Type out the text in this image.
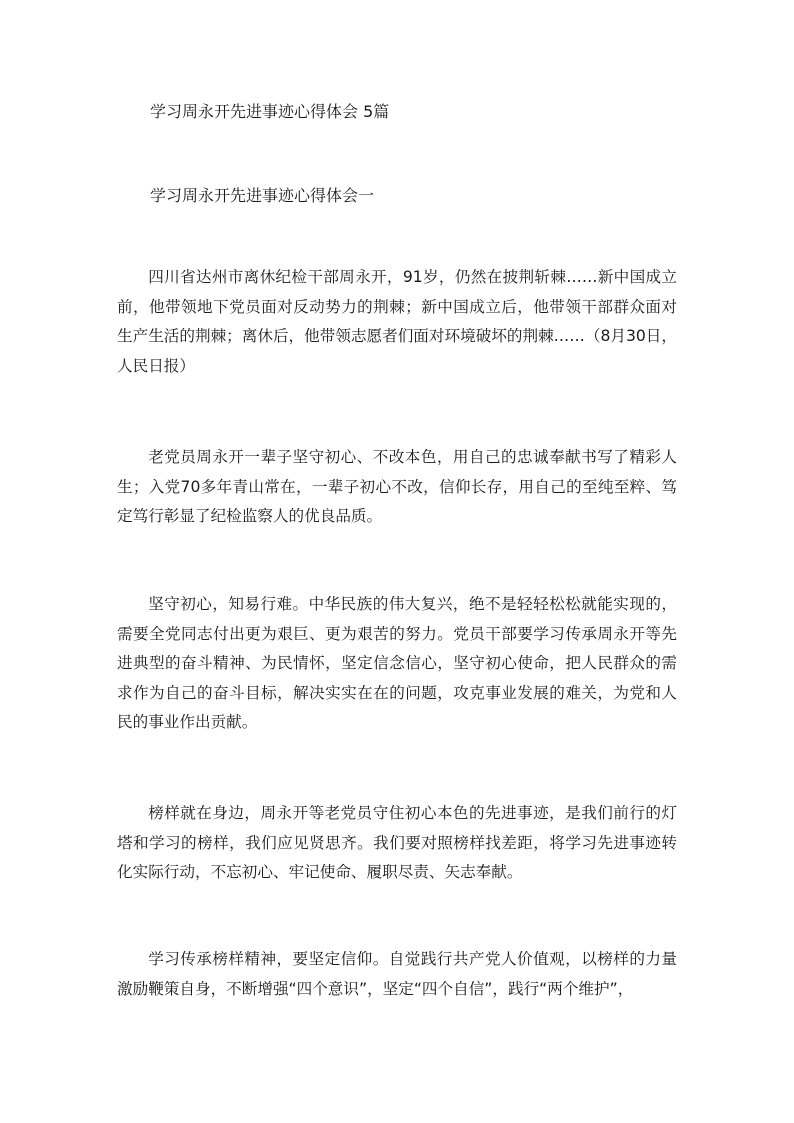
学习周永开先进事迹心得体会 5篇
学习周永开先进事迹心得体会一

四川省达州市离休纪检干部周永开，91岁，仍然在披荆斩棘……新中国成立前，他带领地下党员面对反动势力的荆棘；新中国成立后，他带领干部群众面对生产生活的荆棘；离休后，他带领志愿者们面对环境破坏的荆棘……（8月30日，人民日报）

老党员周永开一辈子坚守初心、不改本色，用自己的忠诚奉献书写了精彩人生；入党70多年青山常在，一辈子初心不改，信仰长存，用自己的至纯至粹、笃定笃行彰显了纪检监察人的优良品质。

坚守初心，知易行难。中华民族的伟大复兴，绝不是轻轻松松就能实现的，需要全党同志付出更为艰巨、更为艰苦的努力。党员干部要学习传承周永开等先进典型的奋斗精神、为民情怀，坚定信念信心，坚守初心使命，把人民群众的需求作为自己的奋斗目标，解决实实在在的问题，攻克事业发展的难关，为党和人民的事业作出贡献。

榜样就在身边，周永开等老党员守住初心本色的先进事迹，是我们前行的灯塔和学习的榜样，我们应见贤思齐。我们要对照榜样找差距，将学习先进事迹转化实际行动，不忘初心、牢记使命、履职尽责、矢志奉献。

学习传承榜样精神，要坚定信仰。自觉践行共产党人价值观，以榜样的力量激励鞭策自身，不断增强“四个意识”，坚定“四个自信”，践行“两个维护”，
